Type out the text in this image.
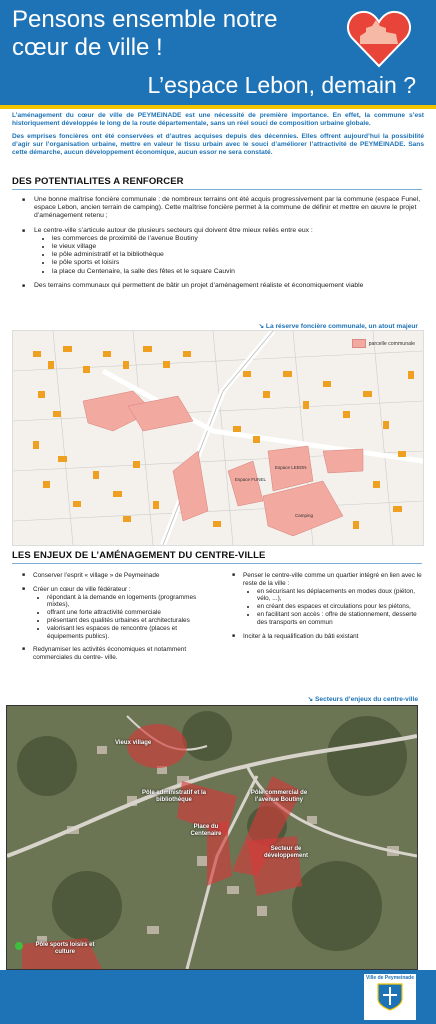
Pensons ensemble notre
cœur de ville !
L’espace Lebon, demain ?

L’aménagement du cœur de ville de PEYMEINADE est une nécessité de première importance. En effet, la commune s’est historiquement développée le long de la route départementale, sans un réel souci de composition urbaine globale.

Des emprises foncières ont été conservées et d’autres acquises depuis des décennies. Elles offrent aujourd’hui la possibilité d’agir sur l’organisation urbaine, mettre en valeur le tissu urbain avec le souci d’améliorer l’attractivité de PEYMEINADE. Sans cette démarche, aucun développement économique, aucun essor ne sera constaté.

DES POTENTIALITES A RENFORCER
■ Une bonne maîtrise foncière communale : de nombreux terrains ont été acquis progressivement par la commune (espace Funel, espace Lebon, ancien terrain de camping). Cette maîtrise foncière permet à la commune de définir et mettre en œuvre le projet d’aménagement retenu ;
■ Le centre-ville s’articule autour de plusieurs secteurs qui doivent être mieux reliés entre eux :
• les commerces de proximité de l’avenue Boutiny
• le vieux village
• le pôle administratif et la bibliothèque
• le pôle sports et loisirs
• la place du Centenaire, la salle des fêtes et le square Cauvin
■ Des terrains communaux qui permettent de bâtir un projet d’aménagement réaliste et économiquement viable
↘ La réserve foncière communale, un atout majeur
Espace FUNEL
Espace LEBON
Camping
parcelle communale
LES ENJEUX DE L’AMÉNAGEMENT DU CENTRE-VILLE
■ Conserver l’esprit « village » de Peymeinade
■ Créer un cœur de ville fédérateur :
• répondant à la demande en logements (programmes mixtes),
• offrant une forte attractivité commerciale
• présentant des qualités urbaines et architecturales
• valorisant les espaces de rencontre (places et équipements publics).
■ Redynamiser les activités économiques et notamment commerciales du centre- ville.
■ Penser le centre-ville comme un quartier intégré en lien avec le reste de la ville :
• en sécurisant les déplacements en modes doux (piéton, vélo, ...),
• en créant des espaces et circulations pour les piétons,
• en facilitant son accès : offre de stationnement, desserte des transports en commun
■ Inciter à la requalification du bâti existant
↘ Secteurs d’enjeux du centre-ville
Vieux village
Pôle administratif et la bibliothèque
Place du Centenaire
Pôle commercial de l’avenue Boutiny
Secteur de développement
Pôle sports loisirs et culture
Ville de Peymeinade
